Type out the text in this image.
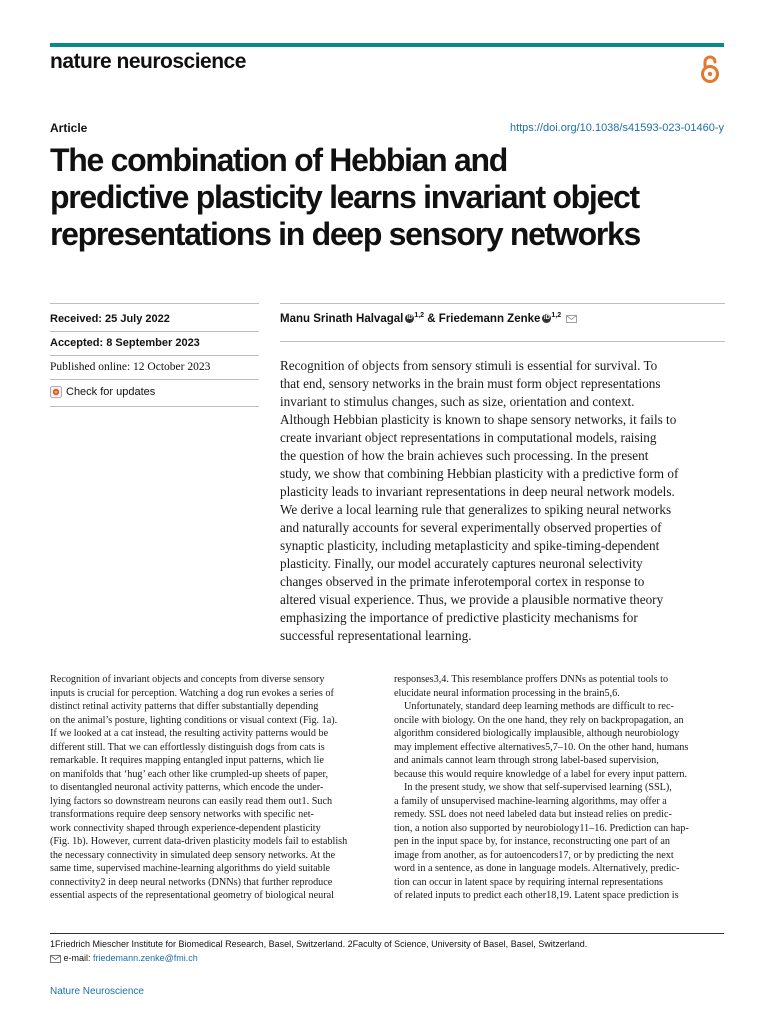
nature neuroscience
Article	https://doi.org/10.1038/s41593-023-01460-y
The combination of Hebbian and
predictive plasticity learns invariant object
representations in deep sensory networks
Received: 25 July 2022
Accepted: 8 September 2023
Published online: 12 October 2023
Check for updates
Manu Srinath Halvagal iD $^{1,2}$ & Friedemann Zenke iD $^{1,2}$

Recognition of objects from sensory stimuli is essential for survival. To
that end, sensory networks in the brain must form object representations
invariant to stimulus changes, such as size, orientation and context.
Although Hebbian plasticity is known to shape sensory networks, it fails to
create invariant object representations in computational models, raising
the question of how the brain achieves such processing. In the present
study, we show that combining Hebbian plasticity with a predictive form of
plasticity leads to invariant representations in deep neural network models.
We derive a local learning rule that generalizes to spiking neural networks
and naturally accounts for several experimentally observed properties of
synaptic plasticity, including metaplasticity and spike-timing-dependent
plasticity. Finally, our model accurately captures neuronal selectivity
changes observed in the primate inferotemporal cortex in response to
altered visual experience. Thus, we provide a plausible normative theory
emphasizing the importance of predictive plasticity mechanisms for
successful representational learning.

Recognition of invariant objects and concepts from diverse sensory
inputs is crucial for perception. Watching a dog run evokes a series of
distinct retinal activity patterns that differ substantially depending
on the animal’s posture, lighting conditions or visual context (Fig. 1a).
If we looked at a cat instead, the resulting activity patterns would be
different still. That we can effortlessly distinguish dogs from cats is
remarkable. It requires mapping entangled input patterns, which lie
on manifolds that ‘hug’ each other like crumpled-up sheets of paper,
to disentangled neuronal activity patterns, which encode the under-
lying factors so downstream neurons can easily read them out1. Such
transformations require deep sensory networks with specific net-
work connectivity shaped through experience-dependent plasticity
(Fig. 1b). However, current data-driven plasticity models fail to establish
the necessary connectivity in simulated deep sensory networks. At the
same time, supervised machine-learning algorithms do yield suitable
connectivity2 in deep neural networks (DNNs) that further reproduce
essential aspects of the representational geometry of biological neural
responses3,4. This resemblance proffers DNNs as potential tools to
elucidate neural information processing in the brain5,6.
Unfortunately, standard deep learning methods are difficult to rec-
oncile with biology. On the one hand, they rely on backpropagation, an
algorithm considered biologically implausible, although neurobiology
may implement effective alternatives5,7–10. On the other hand, humans
and animals cannot learn through strong label-based supervision,
because this would require knowledge of a label for every input pattern.
In the present study, we show that self-supervised learning (SSL),
a family of unsupervised machine-learning algorithms, may offer a
remedy. SSL does not need labeled data but instead relies on predic-
tion, a notion also supported by neurobiology11–16. Prediction can hap-
pen in the input space by, for instance, reconstructing one part of an
image from another, as for autoencoders17, or by predicting the next
word in a sentence, as done in language models. Alternatively, predic-
tion can occur in latent space by requiring internal representations
of related inputs to predict each other18,19. Latent space prediction is
1Friedrich Miescher Institute for Biomedical Research, Basel, Switzerland. 2Faculty of Science, University of Basel, Basel, Switzerland.
e-mail: friedemann.zenke@fmi.ch
Nature Neuroscience
